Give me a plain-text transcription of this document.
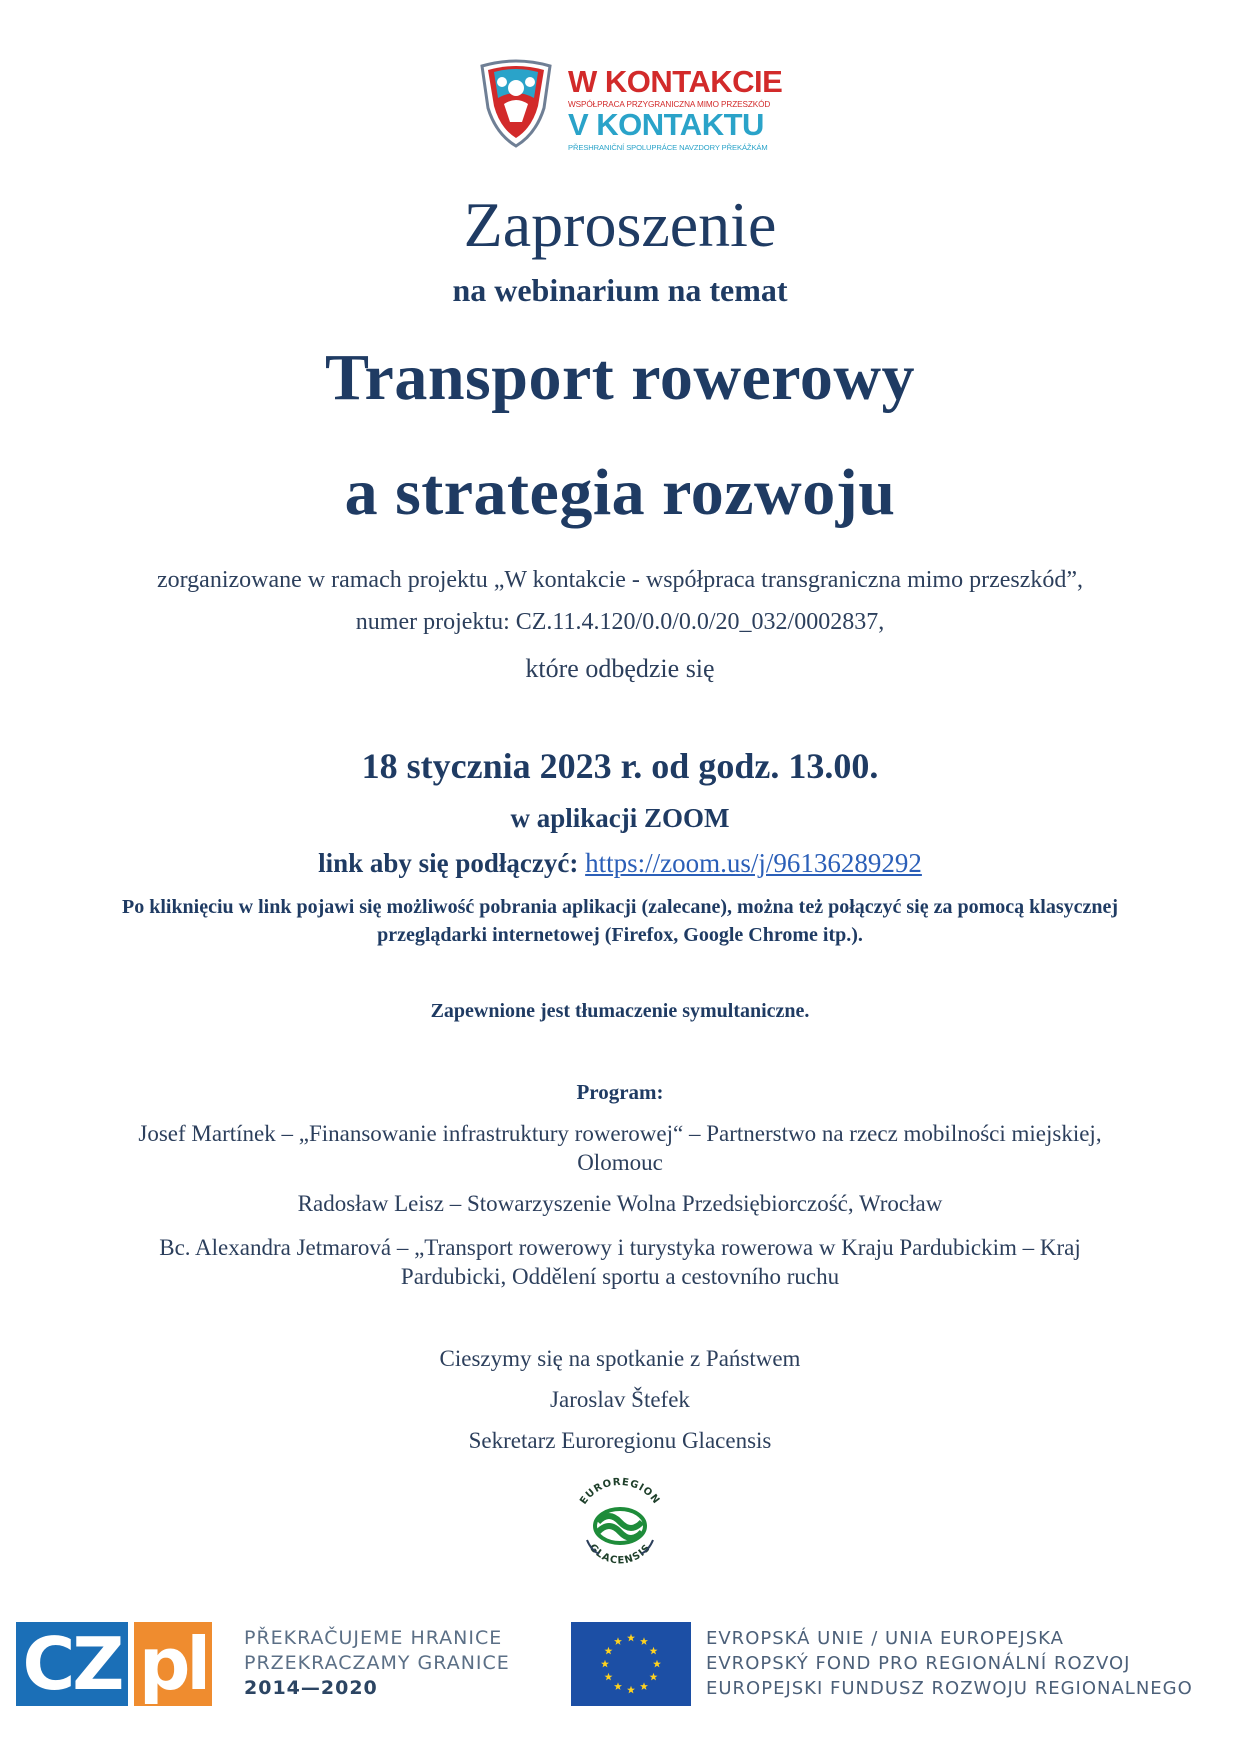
W KONTAKCIE
WSPÓŁPRACA PRZYGRANICZNA MIMO PRZESZKÓD
V KONTAKTU
PŘESHRANIČNÍ SPOLUPRÁCE NAVZDORY PŘEKÁŽKÁM
Zaproszenie
na webinarium na temat
Transport rowerowy
a strategia rozwoju
zorganizowane w ramach projektu „W kontakcie - współpraca transgraniczna mimo przeszkód”,
numer projektu: CZ.11.4.120/0.0/0.0/20_032/0002837,
które odbędzie się
18 stycznia 2023 r. od godz. 13.00.
w aplikacji ZOOM
link aby się podłączyć: https://zoom.us/j/96136289292
Po kliknięciu w link pojawi się możliwość pobrania aplikacji (zalecane), można też połączyć się za pomocą klasycznej przeglądarki internetowej (Firefox, Google Chrome itp.).
Zapewnione jest tłumaczenie symultaniczne.
Program:
Josef Martínek – „Finansowanie infrastruktury rowerowej“ – Partnerstwo na rzecz mobilności miejskiej, Olomouc
Radosław Leisz – Stowarzyszenie Wolna Przedsiębiorczość, Wrocław
Bc. Alexandra Jetmarová – „Transport rowerowy i turystyka rowerowa w Kraju Pardubickim – Kraj Pardubicki, Oddělení sportu a cestovního ruchu
Cieszymy się na spotkanie z Państwem
Jaroslav Štefek
Sekretarz Euroregionu Glacensis
EUROREGION
GLACENSIS
CZ pl PŘEKRAČUJEME HRANICE
PRZEKRACZAMY GRANICE
2014—2020
EVROPSKÁ UNIE / UNIA EUROPEJSKA
EVROPSKÝ FOND PRO REGIONÁLNÍ ROZVOJ
EUROPEJSKI FUNDUSZ ROZWOJU REGIONALNEGO
